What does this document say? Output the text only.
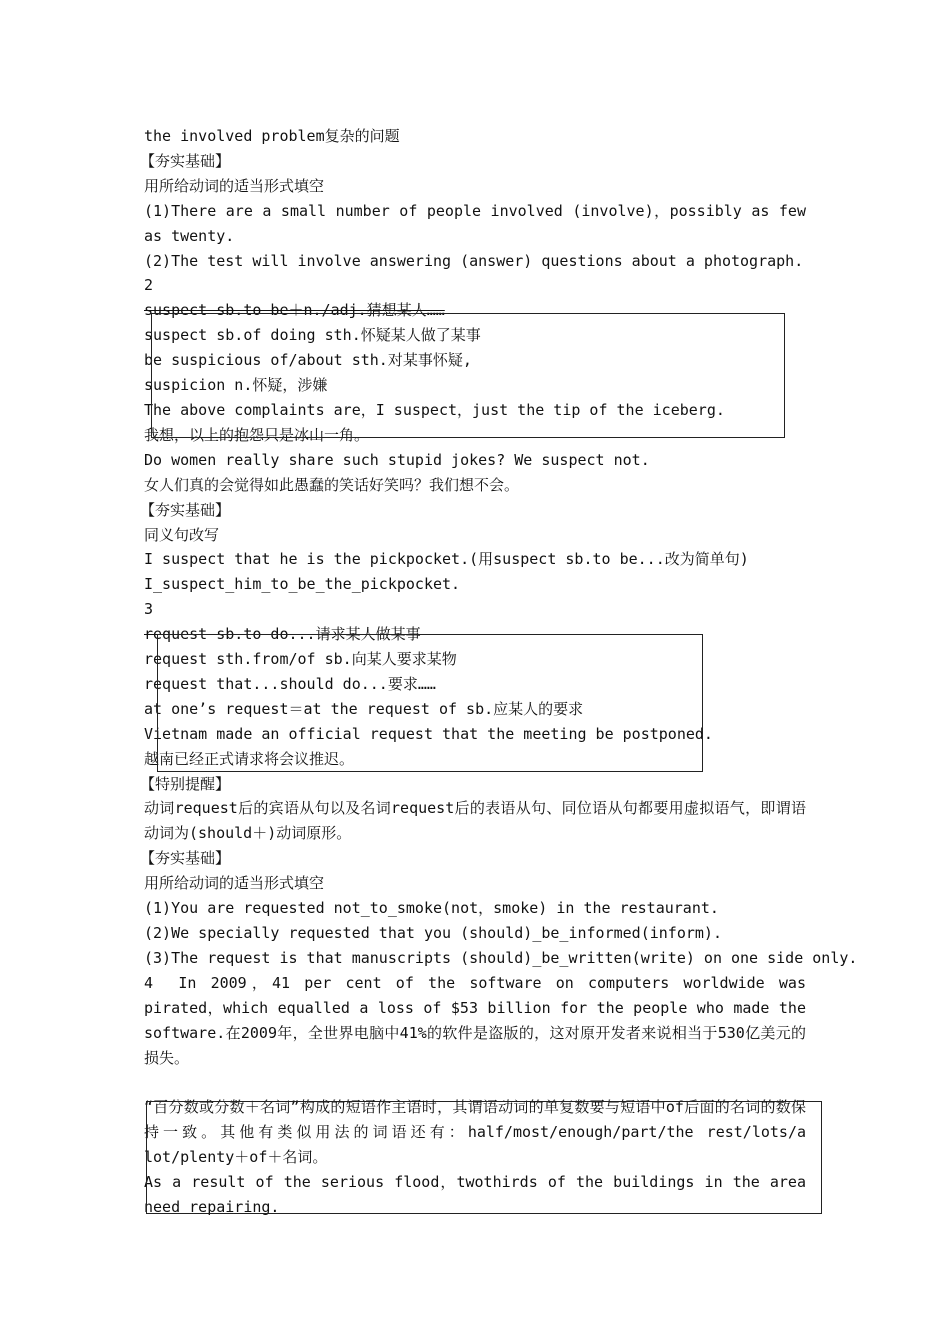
the involved problem复杂的问题
【夯实基础】
用所给动词的适当形式填空
(1)There are a small number of people involved (involve)，possibly as few as twenty.
(2)The test will involve answering (answer) questions about a photograph.
2
suspect sb.to be＋n./adj.猜想某人……
suspect sb.of doing sth.怀疑某人做了某事
be suspicious of/about sth.对某事怀疑,
suspicion n.怀疑，涉嫌
The above complaints are，I suspect，just the tip of the iceberg.
我想，以上的抱怨只是冰山一角。
Do women really share such stupid jokes? We suspect not.
女人们真的会觉得如此愚蠢的笑话好笑吗？我们想不会。
【夯实基础】
同义句改写
I suspect that he is the pickpocket.(用suspect sb.to be...改为简单句)
I_suspect_him_to_be_the_pickpocket.
3
request sb.to do...请求某人做某事
request sth.from/of sb.向某人要求某物
request that...should do...要求……
at one’s request＝at the request of sb.应某人的要求
Vietnam made an official request that the meeting be postponed.
越南已经正式请求将会议推迟。
【特别提醒】
动词request后的宾语从句以及名词request后的表语从句、同位语从句都要用虚拟语气，即谓语动词为(should＋)动词原形。
【夯实基础】
用所给动词的适当形式填空
(1)You are requested not_to_smoke(not，smoke) in the restaurant.
(2)We specially requested that you (should)_be_informed(inform).
(3)The request is that manuscripts (should)_be_written(write) on one side only.
4　In 2009，41 per cent of the software on computers worldwide was pirated，which equalled a loss of $53 billion for the people who made the software.在2009年，全世界电脑中41%的软件是盗版的，这对原开发者来说相当于530亿美元的损失。

“百分数或分数＋名词”构成的短语作主语时，其谓语动词的单复数要与短语中of后面的名词的数保持一致。其他有类似用法的词语还有：half/most/enough/part/the rest/lots/a lot/plenty＋of＋名词。
As a result of the serious flood，twothirds of the buildings in the area need repairing.
